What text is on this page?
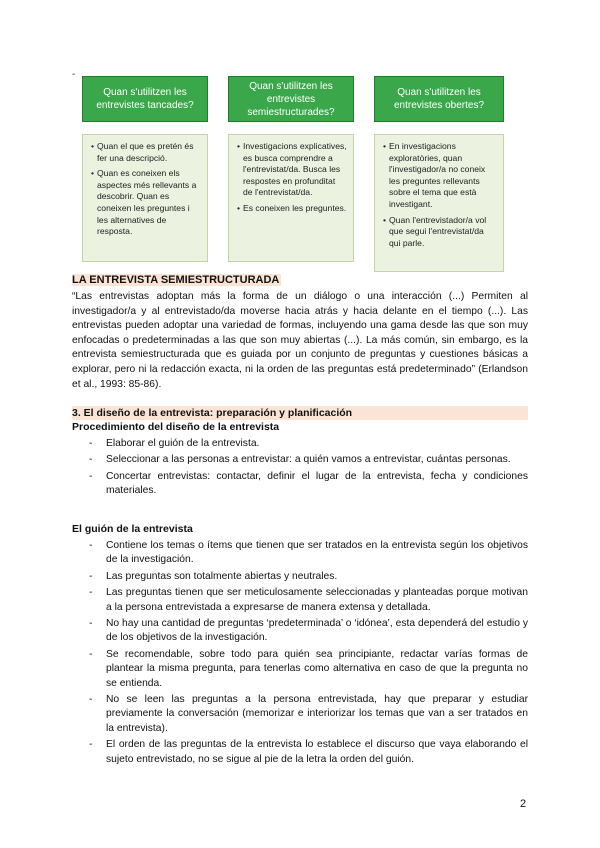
-
Quan s'utilitzen les entrevistes tancades?
• Quan el que es pretén és fer una descripció.
• Quan es coneixen els aspectes més rellevants a descobrir. Quan es coneixen les preguntes i les alternatives de resposta.
Quan s'utilitzen les entrevistes semiestructurades?
• Investigacions explicatives, es busca comprendre a l'entrevistat/da. Busca les respostes en profunditat de l'entrevistat/da.
• Es coneixen les preguntes.
Quan s'utilitzen les entrevistes obertes?
• En investigacions exploratòries, quan l'investigador/a no coneix les preguntes rellevants sobre el tema que està investigant.
• Quan l'entrevistador/a vol que segui l'entrevistat/da qui parle.
LA ENTREVISTA SEMIESTRUCTURADA
“Las entrevistas adoptan más la forma de un diálogo o una interacción (...) Permiten al investigador/a y al entrevistado/da moverse hacia atrás y hacia delante en el tiempo (...). Las entrevistas pueden adoptar una variedad de formas, incluyendo una gama desde las que son muy enfocadas o predeterminadas a las que son muy abiertas (...). La más común, sin embargo, es la entrevista semiestructurada que es guiada por un conjunto de preguntas y cuestiones básicas a explorar, pero ni la redacción exacta, ni la orden de las preguntas está predeterminado” (Erlandson et al., 1993: 85-86).
3. El diseño de la entrevista: preparación y planificación
Procedimiento del diseño de la entrevista
- Elaborar el guión de la entrevista.
- Seleccionar a las personas a entrevistar: a quién vamos a entrevistar, cuántas personas.
- Concertar entrevistas: contactar, definir el lugar de la entrevista, fecha y condiciones materiales.
El guión de la entrevista
- Contiene los temas o ítems que tienen que ser tratados en la entrevista según los objetivos de la investigación.
- Las preguntas son totalmente abiertas y neutrales.
- Las preguntas tienen que ser meticulosamente seleccionadas y planteadas porque motivan a la persona entrevistada a expresarse de manera extensa y detallada.
- No hay una cantidad de preguntas ‘predeterminada’ o ‘idónea’, esta dependerá del estudio y de los objetivos de la investigación.
- Se recomendable, sobre todo para quién sea principiante, redactar varías formas de plantear la misma pregunta, para tenerlas como alternativa en caso de que la pregunta no se entienda.
- No se leen las preguntas a la persona entrevistada, hay que preparar y estudiar previamente la conversación (memorizar e interiorizar los temas que van a ser tratados en la entrevista).
- El orden de las preguntas de la entrevista lo establece el discurso que vaya elaborando el sujeto entrevistado, no se sigue al pie de la letra la orden del guión.
2
